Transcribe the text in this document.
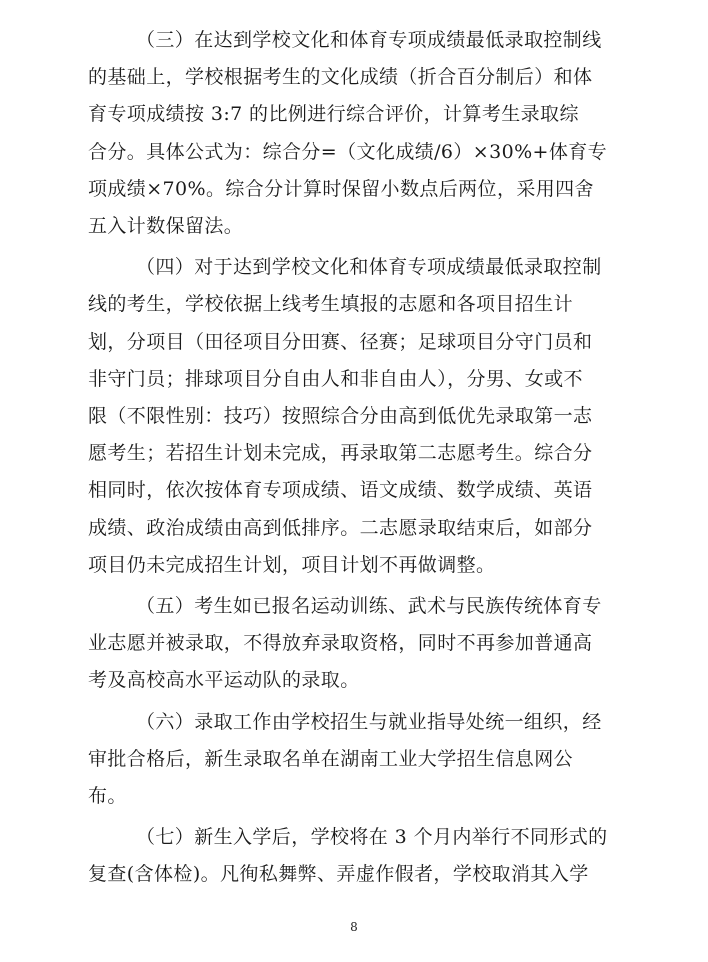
（三）在达到学校文化和体育专项成绩最低录取控制线
的基础上，学校根据考生的文化成绩（折合百分制后）和体
育专项成绩按 3:7 的比例进行综合评价，计算考生录取综
合分。具体公式为：综合分=（文化成绩/6）×30%+体育专
项成绩×70%。综合分计算时保留小数点后两位，采用四舍
五入计数保留法。

（四）对于达到学校文化和体育专项成绩最低录取控制
线的考生，学校依据上线考生填报的志愿和各项目招生计
划，分项目（田径项目分田赛、径赛；足球项目分守门员和
非守门员；排球项目分自由人和非自由人），分男、女或不
限（不限性别：技巧）按照综合分由高到低优先录取第一志
愿考生；若招生计划未完成，再录取第二志愿考生。综合分
相同时，依次按体育专项成绩、语文成绩、数学成绩、英语
成绩、政治成绩由高到低排序。二志愿录取结束后，如部分
项目仍未完成招生计划，项目计划不再做调整。

（五）考生如已报名运动训练、武术与民族传统体育专
业志愿并被录取，不得放弃录取资格，同时不再参加普通高
考及高校高水平运动队的录取。

（六）录取工作由学校招生与就业指导处统一组织，经
审批合格后，新生录取名单在湖南工业大学招生信息网公
布。

（七）新生入学后，学校将在 3 个月内举行不同形式的
复查(含体检)。凡徇私舞弊、弄虚作假者，学校取消其入学

8
